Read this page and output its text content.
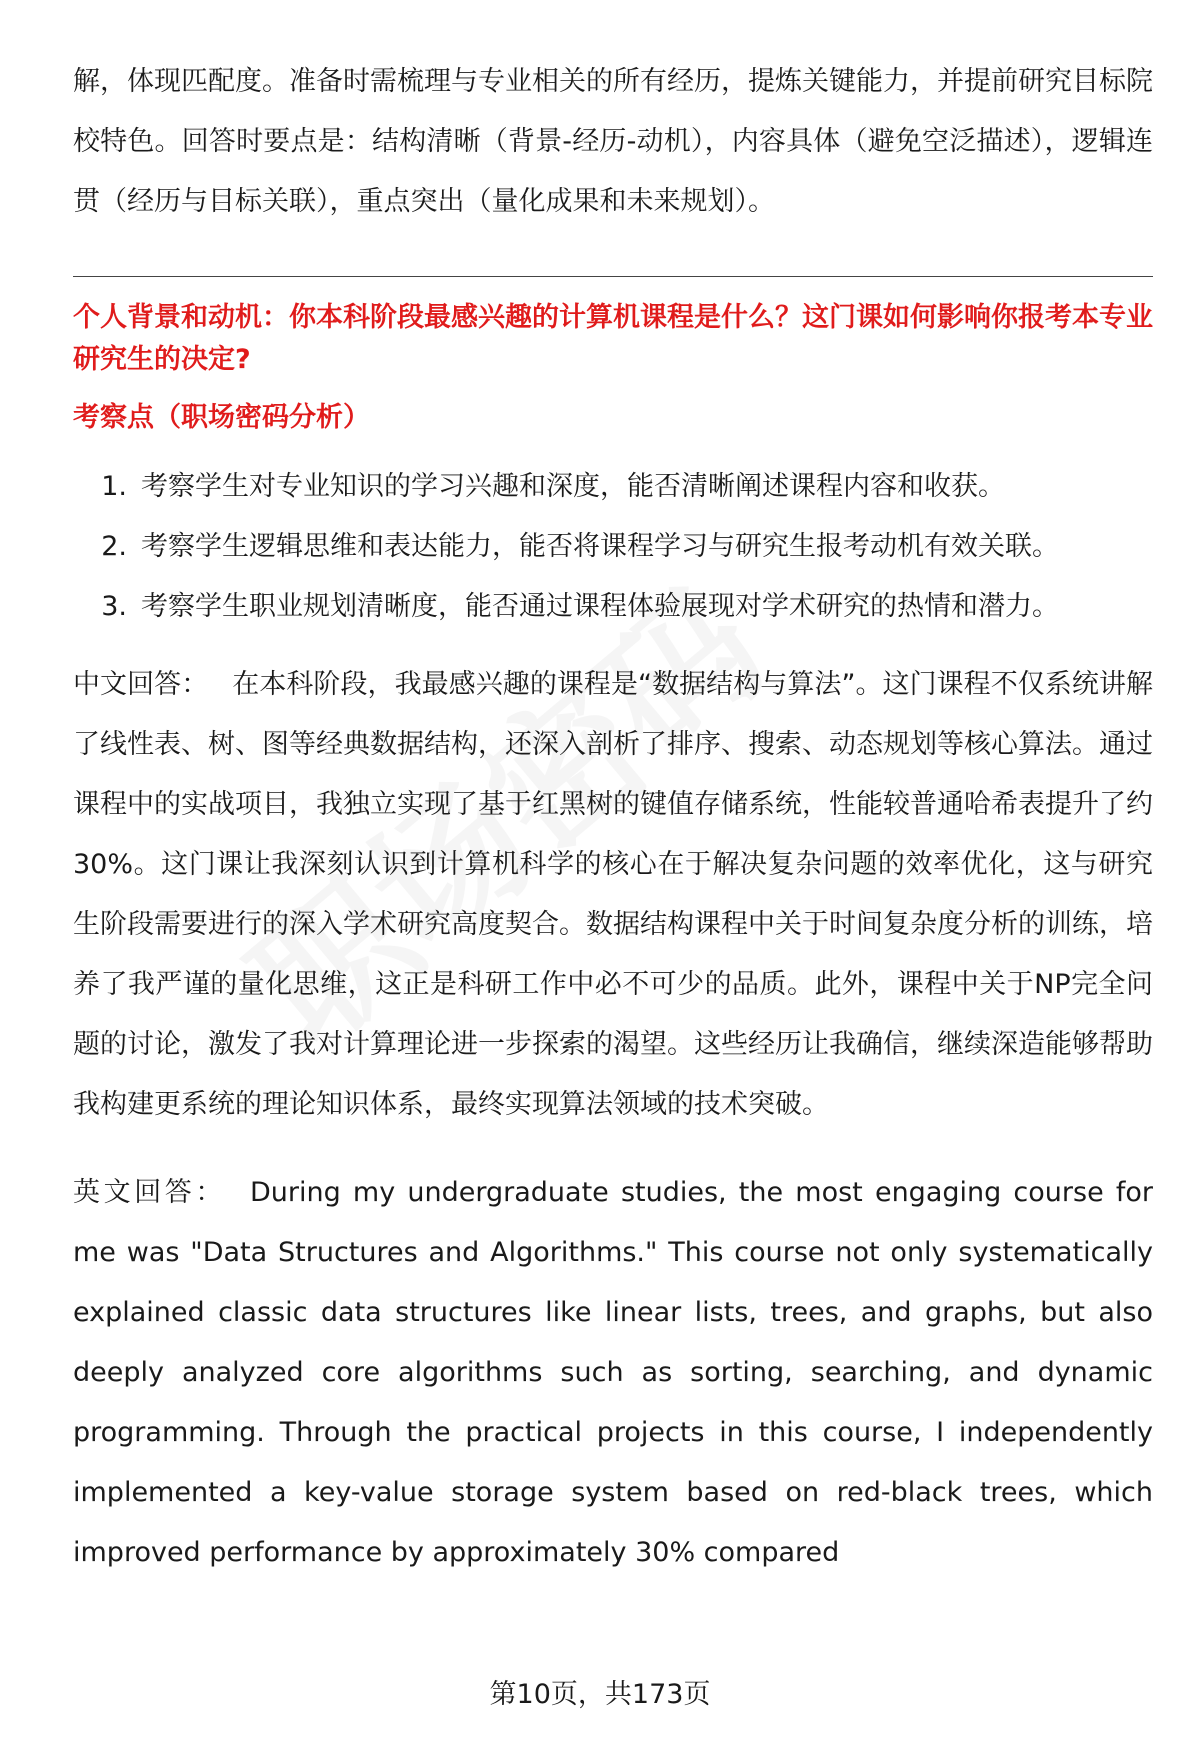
解，体现匹配度。准备时需梳理与专业相关的所有经历，提炼关键能力，并提前研究目标院校特色。回答时要点是：结构清晰（背景-经历-动机），内容具体（避免空泛描述），逻辑连贯（经历与目标关联），重点突出（量化成果和未来规划）。

个人背景和动机：你本科阶段最感兴趣的计算机课程是什么？这门课如何影响你报考本专业研究生的决定?

考察点（职场密码分析）

1. 考察学生对专业知识的学习兴趣和深度，能否清晰阐述课程内容和收获。
2. 考察学生逻辑思维和表达能力，能否将课程学习与研究生报考动机有效关联。
3. 考察学生职业规划清晰度，能否通过课程体验展现对学术研究的热情和潜力。

中文回答： 在本科阶段，我最感兴趣的课程是“数据结构与算法”。这门课程不仅系统讲解了线性表、树、图等经典数据结构，还深入剖析了排序、搜索、动态规划等核心算法。通过课程中的实战项目，我独立实现了基于红黑树的键值存储系统，性能较普通哈希表提升了约30%。这门课让我深刻认识到计算机科学的核心在于解决复杂问题的效率优化，这与研究生阶段需要进行的深入学术研究高度契合。数据结构课程中关于时间复杂度分析的训练，培养了我严谨的量化思维，这正是科研工作中必不可少的品质。此外，课程中关于NP完全问题的讨论，激发了我对计算理论进一步探索的渴望。这些经历让我确信，继续深造能够帮助我构建更系统的理论知识体系，最终实现算法领域的技术突破。

英文回答： During my undergraduate studies, the most engaging course for me was "Data Structures and Algorithms." This course not only systematically explained classic data structures like linear lists, trees, and graphs, but also deeply analyzed core algorithms such as sorting, searching, and dynamic programming. Through the practical projects in this course, I independently implemented a key-value storage system based on red-black trees, which improved performance by approximately 30% compared

第10页，共173页
